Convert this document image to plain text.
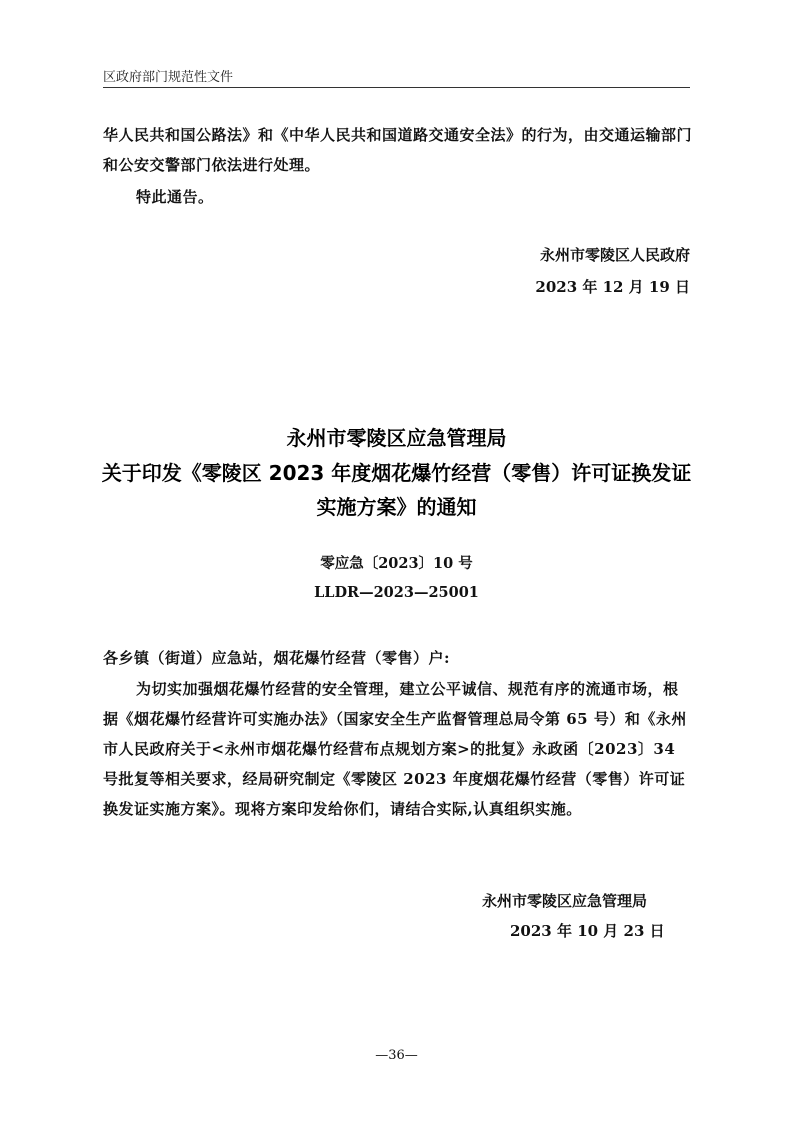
区政府部门规范性文件
华人民共和国公路法》和《中华人民共和国道路交通安全法》的行为，由交通运输部门和公安交警部门依法进行处理。
特此通告。
永州市零陵区人民政府
2023 年 12 月 19 日
永州市零陵区应急管理局
关于印发《零陵区 2023 年度烟花爆竹经营（零售）许可证换发证
实施方案》的通知
零应急〔2023〕10 号
LLDR—2023—25001
各乡镇（街道）应急站，烟花爆竹经营（零售）户:
为切实加强烟花爆竹经营的安全管理，建立公平诚信、规范有序的流通市场，根据《烟花爆竹经营许可实施办法》（国家安全生产监督管理总局令第 65 号）和《永州市人民政府关于<永州市烟花爆竹经营布点规划方案>的批复》永政函〔2023〕34 号批复等相关要求，经局研究制定《零陵区 2023 年度烟花爆竹经营（零售）许可证换发证实施方案》。现将方案印发给你们，请结合实际,认真组织实施。
永州市零陵区应急管理局
2023 年 10 月 23 日
—36—
